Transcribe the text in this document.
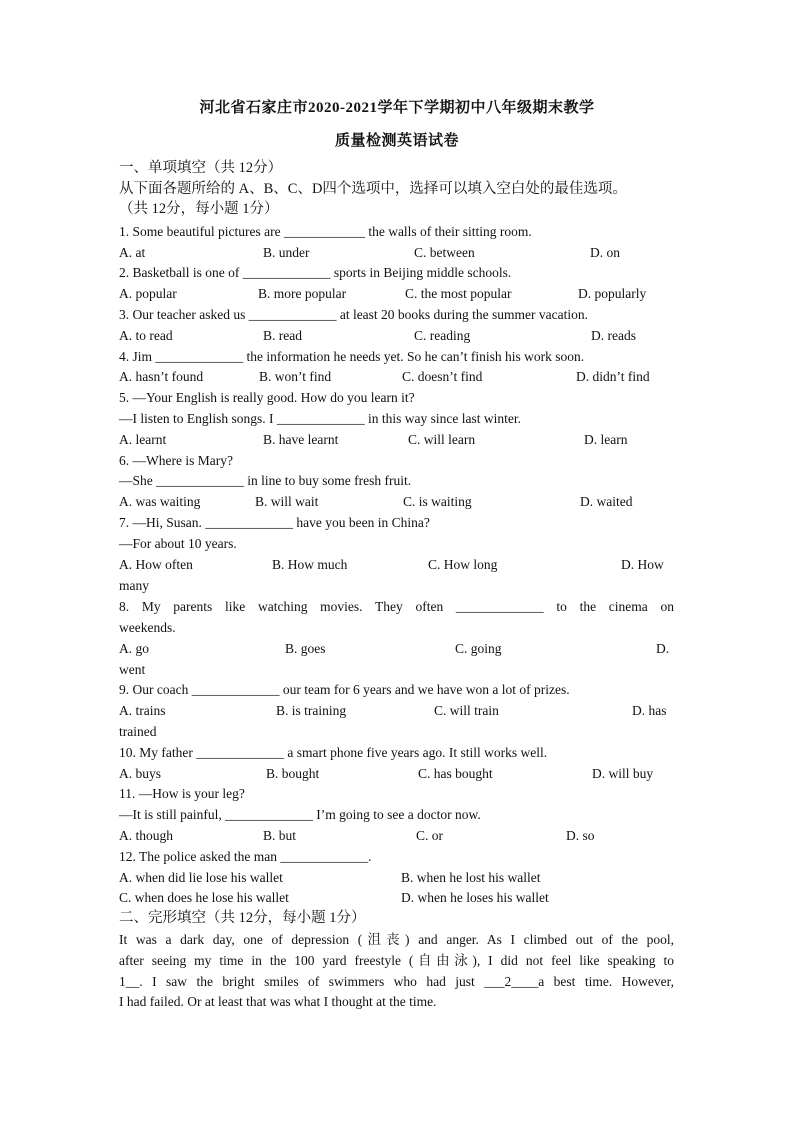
河北省石家庄市2020-2021学年下学期初中八年级期末教学
质量检测英语试卷
一、单项填空（共 12分）
从下面各题所给的 A、B、C、D四个选项中，选择可以填入空白处的最佳选项。
（共 12分，每小题 1分）
1. Some beautiful pictures are ____________ the walls of their sitting room.
A. at	B. under	C. between	D. on
2. Basketball is one of _____________ sports in Beijing middle schools.
A. popular	B. more popular	C. the most popular	D. popularly
3. Our teacher asked us _____________ at least 20 books during the summer vacation.
A. to read	B. read	C. reading	D. reads
4. Jim _____________ the information he needs yet. So he can’t finish his work soon.
A. hasn’t found	B. won’t find	C. doesn’t find	D. didn’t find
5. —Your English is really good. How do you learn it?
—I listen to English songs. I _____________ in this way since last winter.
A. learnt	B. have learnt	C. will learn	D. learn
6. —Where is Mary?
—She _____________ in line to buy some fresh fruit.
A. was waiting	B. will wait	C. is waiting	D. waited
7. —Hi, Susan. _____________ have you been in China?
—For about 10 years.
A. How often	B. How much	C. How long	D. How
many
8. My parents like watching movies. They often _____________ to the cinema on
weekends.
A. go	B. goes	C. going	D.
went
9. Our coach _____________ our team for 6 years and we have won a lot of prizes.
A. trains	B. is training	C. will train	D. has
trained
10. My father _____________ a smart phone five years ago. It still works well.
A. buys	B. bought	C. has bought	D. will buy
11. —How is your leg?
—It is still painful, _____________ I’m going to see a doctor now.
A. though	B. but	C. or	D. so
12. The police asked the man _____________.
A. when did lie lose his wallet	B. when he lost his wallet
C. when does he lose his wallet	D. when he loses his wallet
二、完形填空（共 12分，每小题 1分）
It was a dark day, one of depression (沮丧) and anger. As I climbed out of the pool,
after seeing my time in the 100 yard freestyle (自由泳), I did not feel like speaking to
1__. I saw the bright smiles of swimmers who had just ___2____a best time. However,
I had failed. Or at least that was what I thought at the time.
